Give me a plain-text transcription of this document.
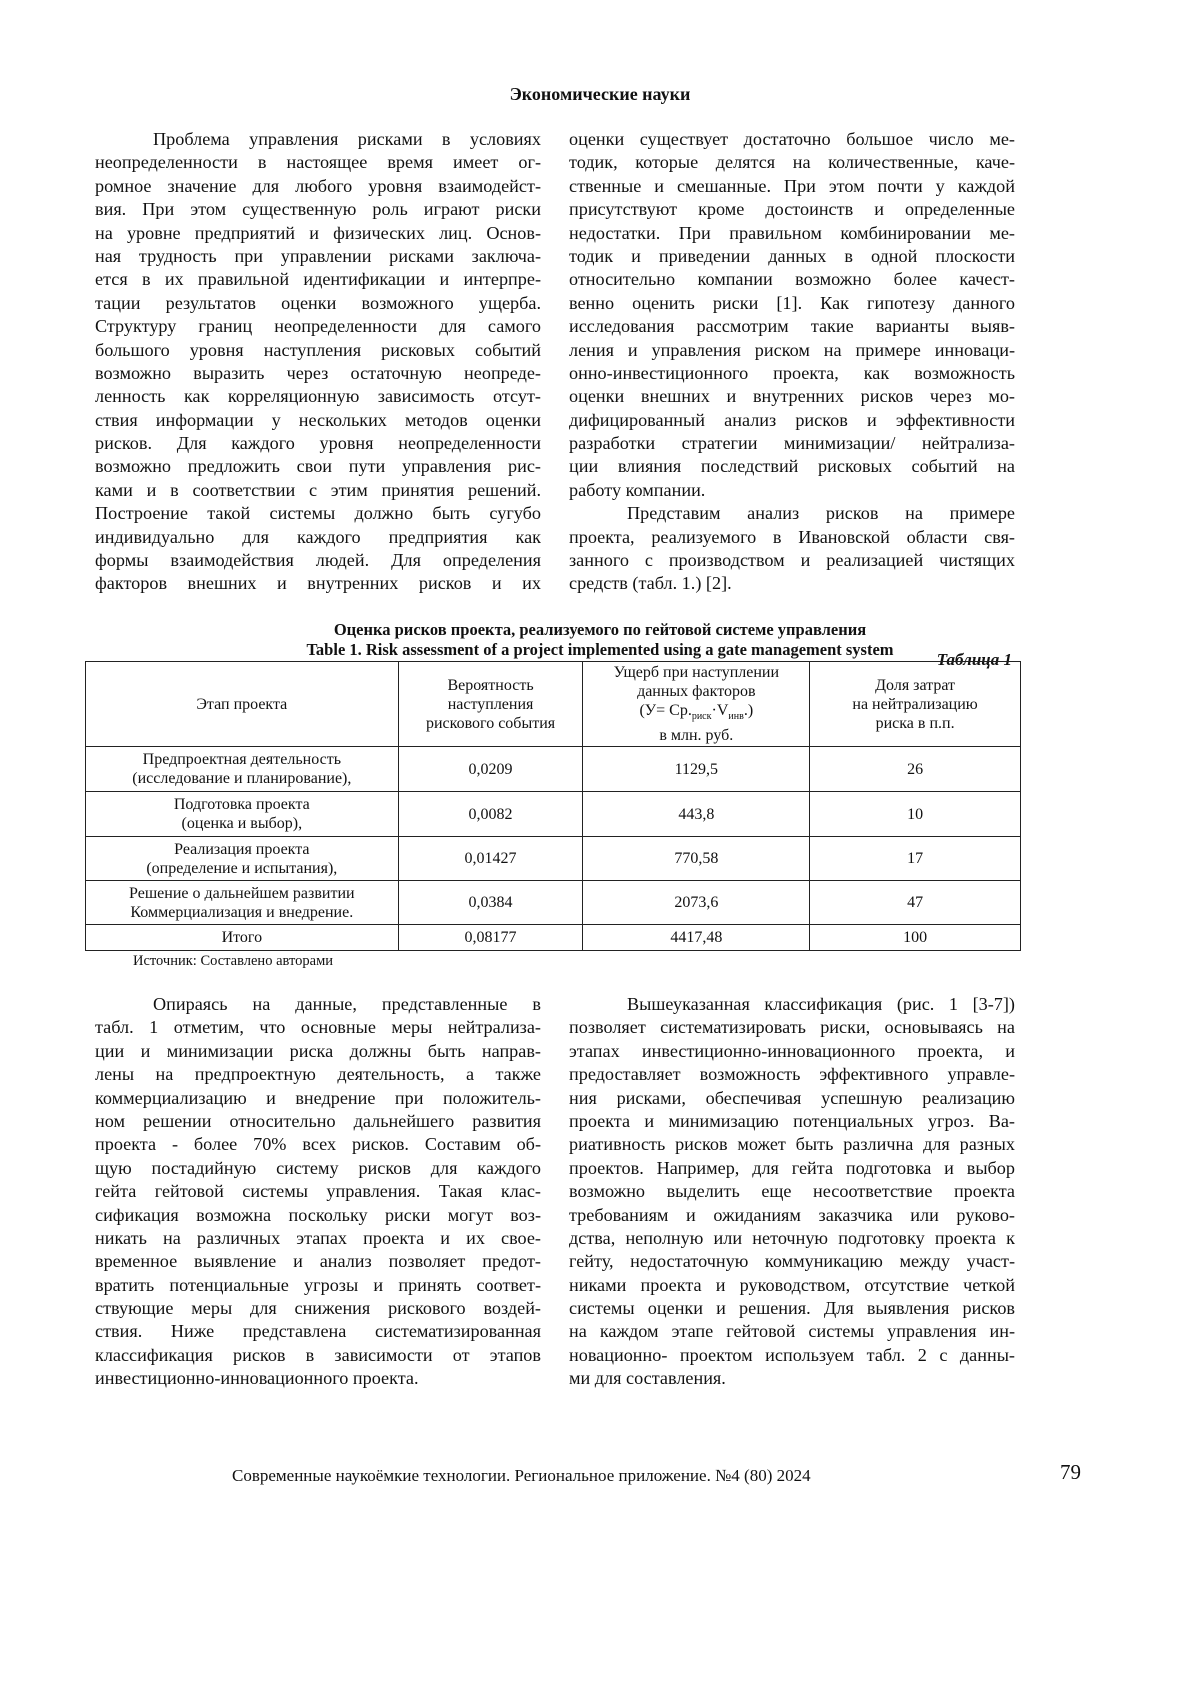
Экономические науки
Проблема управления рисками в условиях
неопределенности в настоящее время имеет ог-
ромное значение для любого уровня взаимодейст-
вия. При этом существенную роль играют риски
на уровне предприятий и физических лиц. Основ-
ная трудность при управлении рисками заключа-
ется в их правильной идентификации и интерпре-
тации результатов оценки возможного ущерба.
Структуру границ неопределенности для самого
большого уровня наступления рисковых событий
возможно выразить через остаточную неопреде-
ленность как корреляционную зависимость отсут-
ствия информации у нескольких методов оценки
рисков. Для каждого уровня неопределенности
возможно предложить свои пути управления рис-
ками и в соответствии с этим принятия решений.
Построение такой системы должно быть сугубо
индивидуально для каждого предприятия как
формы взаимодействия людей. Для определения
факторов внешних и внутренних рисков и их
оценки существует достаточно большое число ме-
тодик, которые делятся на количественные, каче-
ственные и смешанные. При этом почти у каждой
присутствуют кроме достоинств и определенные
недостатки. При правильном комбинировании ме-
тодик и приведении данных в одной плоскости
относительно компании возможно более качест-
венно оценить риски [1]. Как гипотезу данного
исследования рассмотрим такие варианты выяв-
ления и управления риском на примере инноваци-
онно-инвестиционного проекта, как возможность
оценки внешних и внутренних рисков через мо-
дифицированный анализ рисков и эффективности
разработки стратегии минимизации/ нейтрализа-
ции влияния последствий рисковых событий на
работу компании.
Представим анализ рисков на примере
проекта, реализуемого в Ивановской области свя-
занного с производством и реализацией чистящих
средств (табл. 1.) [2].
Таблица 1
Оценка рисков проекта, реализуемого по гейтовой системе управления
Table 1. Risk assessment of a project implemented using a gate management system
Этап проекта	Вероятность
наступления
рискового события	Ущерб при наступлении
данных факторов
$(У= Ср._{риск}\cdot V_{инв}.)$
в млн. руб.	Доля затрат
на нейтрализацию
риска в п.п.
Предпроектная деятельность
(исследование и планирование),	0,0209	1129,5	26
Подготовка проекта
(оценка и выбор),	0,0082	443,8	10
Реализация проекта
(определение и испытания),	0,01427	770,58	17
Решение о дальнейшем развитии
Коммерциализация и внедрение.	0,0384	2073,6	47
Итого	0,08177	4417,48	100
Источник: Составлено авторами
Опираясь на данные, представленные в
табл. 1 отметим, что основные меры нейтрализа-
ции и минимизации риска должны быть направ-
лены на предпроектную деятельность, а также
коммерциализацию и внедрение при положитель-
ном решении относительно дальнейшего развития
проекта - более 70% всех рисков. Составим об-
щую постадийную систему рисков для каждого
гейта гейтовой системы управления. Такая клас-
сификация возможна поскольку риски могут воз-
никать на различных этапах проекта и их свое-
временное выявление и анализ позволяет предот-
вратить потенциальные угрозы и принять соответ-
ствующие меры для снижения рискового воздей-
ствия. Ниже представлена систематизированная
классификация рисков в зависимости от этапов
инвестиционно-инновационного проекта.
Вышеуказанная классификация (рис. 1 [3-7])
позволяет систематизировать риски, основываясь на
этапах инвестиционно-инновационного проекта, и
предоставляет возможность эффективного управле-
ния рисками, обеспечивая успешную реализацию
проекта и минимизацию потенциальных угроз. Ва-
риативность рисков может быть различна для разных
проектов. Например, для гейта подготовка и выбор
возможно выделить еще несоответствие проекта
требованиям и ожиданиям заказчика или руково-
дства, неполную или неточную подготовку проекта к
гейту, недостаточную коммуникацию между участ-
никами проекта и руководством, отсутствие четкой
системы оценки и решения. Для выявления рисков
на каждом этапе гейтовой системы управления ин-
новационно- проектом используем табл. 2 с данны-
ми для составления.
Современные наукоёмкие технологии. Региональное приложение. №4 (80) 2024	79
